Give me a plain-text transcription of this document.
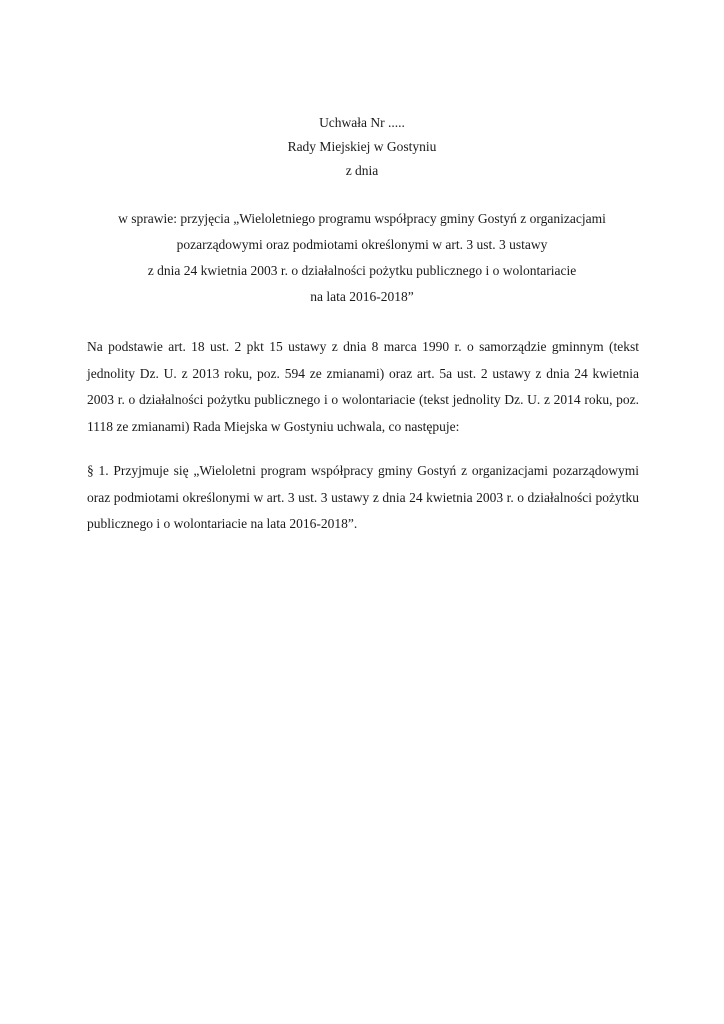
Uchwała Nr .....
Rady Miejskiej w Gostyniu
z dnia
w sprawie: przyjęcia „Wieloletniego programu współpracy gminy Gostyń z organizacjami
pozarządowymi oraz podmiotami określonymi w art. 3 ust. 3 ustawy
z dnia 24 kwietnia 2003 r. o działalności pożytku publicznego i o wolontariacie
na lata 2016-2018”
Na podstawie art. 18 ust. 2 pkt 15 ustawy z dnia 8 marca 1990 r. o samorządzie gminnym (tekst jednolity Dz. U. z 2013 roku, poz. 594 ze zmianami) oraz art. 5a ust. 2 ustawy z dnia 24 kwietnia 2003 r. o działalności pożytku publicznego i o wolontariacie (tekst jednolity Dz. U. z 2014 roku, poz. 1118 ze zmianami) Rada Miejska w Gostyniu uchwala, co następuje:
§ 1. Przyjmuje się „Wieloletni program współpracy gminy Gostyń z organizacjami pozarządowymi oraz podmiotami określonymi w art. 3 ust. 3 ustawy z dnia 24 kwietnia 2003 r. o działalności pożytku publicznego i o wolontariacie na lata 2016-2018”.
